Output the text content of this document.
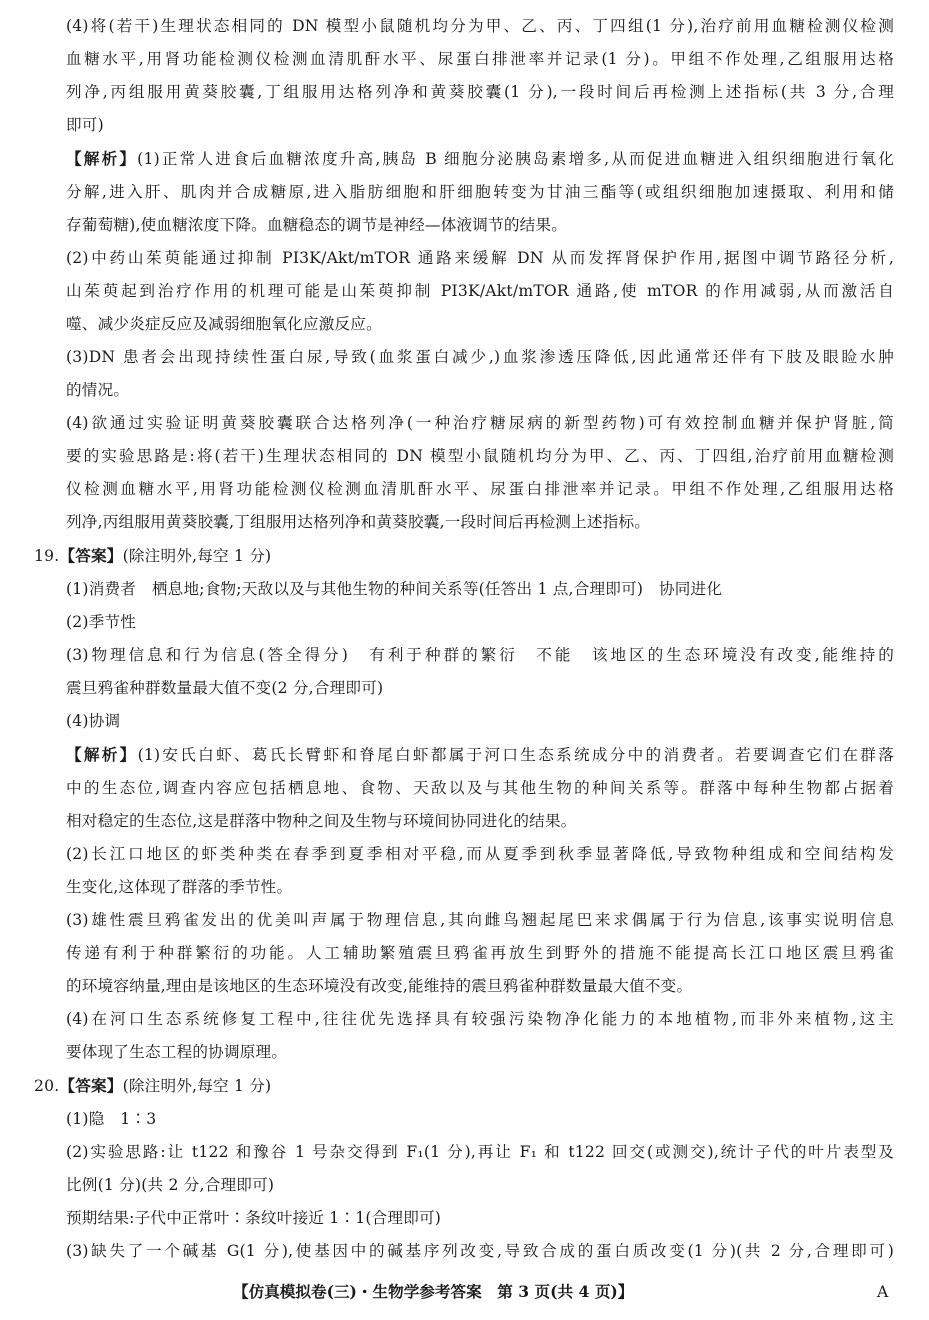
(4)将(若干)生理状态相同的 DN 模型小鼠随机均分为甲、乙、丙、丁四组(1 分),治疗前用血糖检测仪检测
血糖水平,用肾功能检测仪检测血清肌酐水平、尿蛋白排泄率并记录(1 分)。甲组不作处理,乙组服用达格
列净,丙组服用黄葵胶囊,丁组服用达格列净和黄葵胶囊(1 分),一段时间后再检测上述指标(共 3 分,合理
即可)
【解析】(1)正常人进食后血糖浓度升高,胰岛 B 细胞分泌胰岛素增多,从而促进血糖进入组织细胞进行氧化
分解,进入肝、肌肉并合成糖原,进入脂肪细胞和肝细胞转变为甘油三酯等(或组织细胞加速摄取、利用和储
存葡萄糖),使血糖浓度下降。血糖稳态的调节是神经—体液调节的结果。
(2)中药山茱萸能通过抑制 PI3K/Akt/mTOR 通路来缓解 DN 从而发挥肾保护作用,据图中调节路径分析,
山茱萸起到治疗作用的机理可能是山茱萸抑制 PI3K/Akt/mTOR 通路,使 mTOR 的作用减弱,从而激活自
噬、减少炎症反应及减弱细胞氧化应激反应。
(3)DN 患者会出现持续性蛋白尿,导致(血浆蛋白减少,)血浆渗透压降低,因此通常还伴有下肢及眼睑水肿
的情况。
(4)欲通过实验证明黄葵胶囊联合达格列净(一种治疗糖尿病的新型药物)可有效控制血糖并保护肾脏,简
要的实验思路是:将(若干)生理状态相同的 DN 模型小鼠随机均分为甲、乙、丙、丁四组,治疗前用血糖检测
仪检测血糖水平,用肾功能检测仪检测血清肌酐水平、尿蛋白排泄率并记录。甲组不作处理,乙组服用达格
列净,丙组服用黄葵胶囊,丁组服用达格列净和黄葵胶囊,一段时间后再检测上述指标。
19.【答案】(除注明外,每空 1 分)
(1)消费者　栖息地;食物;天敌以及与其他生物的种间关系等(任答出 1 点,合理即可)　协同进化
(2)季节性
(3)物理信息和行为信息(答全得分)　有利于种群的繁衍　不能　该地区的生态环境没有改变,能维持的
震旦鸦雀种群数量最大值不变(2 分,合理即可)
(4)协调
【解析】(1)安氏白虾、葛氏长臂虾和脊尾白虾都属于河口生态系统成分中的消费者。若要调查它们在群落
中的生态位,调查内容应包括栖息地、食物、天敌以及与其他生物的种间关系等。群落中每种生物都占据着
相对稳定的生态位,这是群落中物种之间及生物与环境间协同进化的结果。
(2)长江口地区的虾类种类在春季到夏季相对平稳,而从夏季到秋季显著降低,导致物种组成和空间结构发
生变化,这体现了群落的季节性。
(3)雄性震旦鸦雀发出的优美叫声属于物理信息,其向雌鸟翘起尾巴来求偶属于行为信息,该事实说明信息
传递有利于种群繁衍的功能。人工辅助繁殖震旦鸦雀再放生到野外的措施不能提高长江口地区震旦鸦雀
的环境容纳量,理由是该地区的生态环境没有改变,能维持的震旦鸦雀种群数量最大值不变。
(4)在河口生态系统修复工程中,往往优先选择具有较强污染物净化能力的本地植物,而非外来植物,这主
要体现了生态工程的协调原理。
20.【答案】(除注明外,每空 1 分)
(1)隐　1∶3
(2)实验思路:让 t122 和豫谷 1 号杂交得到 F₁(1 分),再让 F₁ 和 t122 回交(或测交),统计子代的叶片表型及
比例(1 分)(共 2 分,合理即可)
预期结果:子代中正常叶∶条纹叶接近 1∶1(合理即可)
(3)缺失了一个碱基 G(1 分),使基因中的碱基序列改变,导致合成的蛋白质改变(1 分)(共 2 分,合理即可)
【仿真模拟卷(三)・生物学参考答案　第 3 页(共 4 页)】	A
